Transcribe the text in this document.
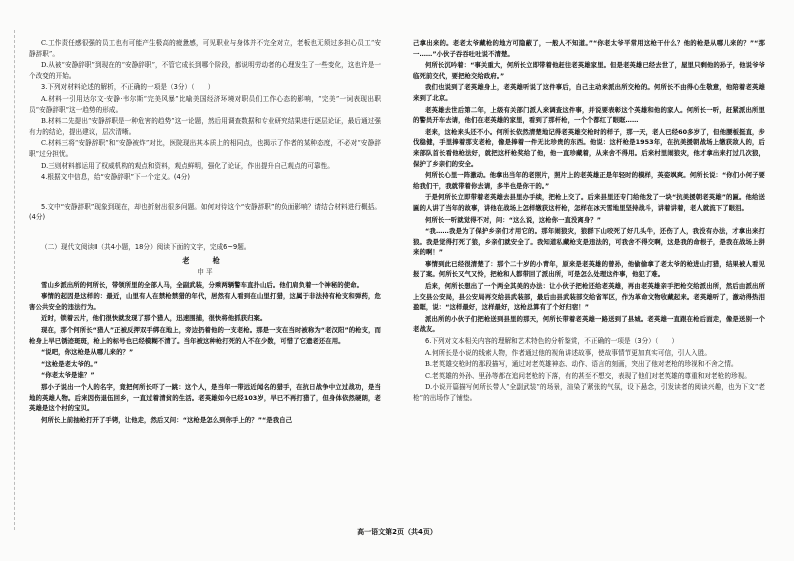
C.工作责任感很强的员工也有可能产生极高的疲惫感，可见职业与身体并不完全对立，老板也无须过多担心员工“安静辞职”。

D.从被“安静辞职”到现在的“安静辞职”，不管它成长到哪个阶段，都说明劳动者的心理发生了一些变化，这也许是一个改变的开始。

3.下列对材料论述的解析，不正确的一项是（3分）（　　）

A.材料一引用达尔文·安静·韦尔斯“完美风暴”比喻美国经济环境对职员们工作心态的影响，“完美”一词表现出职员“安静辞职”这一趋势的形成。

B.材料二先提出“安静辞职是一种危害的趋势”这一论题，然后用调查数据和专业研究结果进行逐层论证，最后通过强有力的结论，提出建议，层次清晰。

C.材料三将“安静辞职”和“安静被炸”对比，医院现出其本质上的相同点，也揭示了作者的某种态度，不必对“安静辞职”过分担忧。

D.三则材料都运用了权威机构的观点和资料，观点鲜明，强化了论证，作出提升自己观点的可靠性。

4.根据文中信息，给“安静辞职”下一个定义。(4分)

5.文中“安静辞职”现象到现在，却也折射出很多问题。如何对待这个“安静辞职”的负面影响？请结合材料进行概括。(4分)

（二）现代文阅读Ⅱ（共4小题，18分）阅读下面的文字，完成6~9题。

老　枪

申 平

雪山乡派出所的何所长，带领所里的全部人马，全副武装，分乘两辆警车直扑山后。他们肩负着一个神秘的使命。

事情的起因是这样的：最近，山里有人在禁枪禁猎的年代，居然有人看到在山里打猎，这属于非法持有枪支和弹药，危害公共安全的违法行为。

近时，锁着云片，他们很快就发现了那个猎人，迅速围捕，很快将他抓获归案。

现在，那个何所长“猎人”正被反押双手绑在地上，旁边扔着他的一支老枪。那是一支在当时被称为“老汉阳”的枪支，而枪身上早已锈迹斑斑，枪上的标号也已经模糊不清了。当年被这种枪打死的人不在少数，可惜了它遗老还在用。

“说吧，你这枪是从哪儿来的？”

“这枪是老太爷的。”

“你老太爷是谁？”

那小子说出一个人的名字，竟把何所长吓了一跳：这个人，是当年一带远近闻名的猎手，在抗日战争中立过战功，是当地的英雄人物。后来因伤退伍回乡，一直过着清贫的生活。老英雄如今已经103岁，早已不再打猎了，但身体依然硬朗，老英雄是这个村的宝贝。

何所长上前抽枪打开了手铐，让他走，然后又问：“这枪是怎么到你手上的？”“是我自己

己拿出来的。老老太爷藏枪的地方可隐蔽了，一般人不知道。”“你老太爷平常用这枪干什么？他的枪是从哪儿来的？”“那一……”小伙子吞吞吐吐说不清楚。

何所长沉吟着：“事关重大，何所长立即带着他赶往老英雄家里。但是老英雄已经去世了，屋里只剩他的孙子，他说爷爷临死前交代，要把枪交给政府。”

我们也说到了老英雄身上，老英雄听说了这件事后，自己主动来派出所交枪的。何所长不由得心生敬意，他陪着老英雄来到了北京。

老英雄去世后第二年，上级有关部门派人来调查这件事，并说要表彰这个英雄和他的家人。何所长一听，赶紧派出所里的警员开车去请，他们在老英雄的家里，看到了那杆枪，一个个都红了眼眶……

老来，这枪来头还不小。何所长依然清楚地记得老英雄交枪时的样子，那一天，老人已经60多岁了，但他腰板挺直，步伐稳健，手里捧着那支老枪，像是捧着一件无比珍贵的东西。他说：这杆枪是1953年，在抗美援朝战场上缴获敌人的，后来部队首长看他枪法好，就把这杆枪奖给了他，他一直珍藏着，从来舍不得用。后来村里闹狼灾，他才拿出来打过几次狼，保护了乡亲们的安全。

何所长心里一阵激动。他拿出当年的老照片，照片上的老英雄正是年轻时的模样，英姿飒爽。何所长说：“你们小何子要给我们干，我就带着你去请，多半也是你干的。”

于是何所长立即带着老英雄去县里办手续，把枪上交了。后来县里还专门给他发了一块“抗美援朝老英雄”的匾。他给送匾的人讲了当年的故事，讲他在战场上怎样缴获这杆枪，怎样在冰天雪地里坚持战斗，讲着讲着，老人就流下了眼泪。

何所长一听就觉得不对，问：“这么说，这枪你一直没离身？”

“我……我是为了保护乡亲们才用它的。那年闹狼灾，狼群下山咬死了好几头牛，还伤了人，我没有办法，才拿出来打狼。我是觉得打死了狼，乡亲们就安全了。我知道私藏枪支是违法的，可我舍不得交啊，这是我的命根子，是我在战场上拼来的啊！”

事情到此已经很清楚了：那个二十岁的小青年，原来是老英雄的曾孙，他偷偷拿了老太爷的枪进山打猎，结果被人看见报了案。何所长又气又怜，把枪和人都带回了派出所，可是怎么处理这件事，他犯了难。

后来，何所长想出了一个两全其美的办法：让小伙子把枪还给老英雄，再由老英雄亲手把枪交给派出所，然后由派出所上交县公安局，县公安局再交给县武装部，最后由县武装部交给省军区，作为革命文物收藏起来。老英雄听了，激动得热泪盈眶，说：“这样最好，这样最好，这枪总算有了个好归宿！”

派出所的小伙子们把枪送到县里的那天，何所长带着老英雄一路送到了县城。老英雄一直跟在枪后面走，像是送别一个老战友。

6.下列对文本相关内容的理解和艺术特色的分析鉴赏，不正确的一项是（3分）（　　）

A.何所长是小说的线索人物，作者通过他的视角讲述故事，使故事情节更加真实可信，引人入胜。

B.老英雄交枪时的那段描写，通过对老英雄神态、动作、语言的刻画，突出了他对老枪的珍视和不舍之情。

C.老英雄的外孙、里孙等都在追问老枪的下落，有的甚至不想交，表现了他们对老英雄的尊重和对老枪的珍视。

D.小说开篇描写何所长带人“全副武装”的场景，渲染了紧张的气氛，设下悬念，引发读者的阅读兴趣，也为下文“老枪”的出场作了铺垫。

高一语文第2页（共4页）
